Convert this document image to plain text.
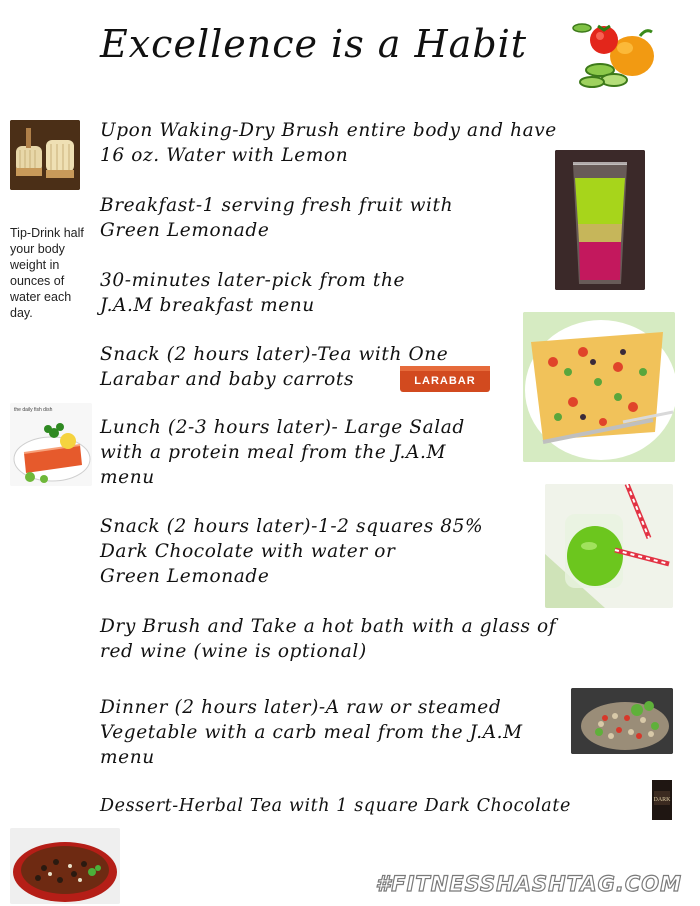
Excellence is a Habit
Tip-Drink half your body weight in ounces of water each day.
LARABAR
the daily fish dish
DARK
Upon Waking-Dry Brush entire body and have
16 oz. Water with Lemon
Breakfast-1 serving fresh fruit with
Green Lemonade
30-minutes later-pick from the
J.A.M breakfast menu
Snack (2 hours later)-Tea with One
Larabar and baby carrots
Lunch (2-3 hours later)- Large Salad
with a protein meal from the J.A.M
menu
Snack (2 hours later)-1-2 squares 85%
Dark Chocolate with water or
Green Lemonade
Dry Brush and Take a hot bath with a glass of
red wine (wine is optional)
Dinner (2 hours later)-A raw or steamed
Vegetable with a carb meal from the J.A.M
menu
Dessert-Herbal Tea with 1 square Dark Chocolate
#FITNESSHASHTAG.COM
